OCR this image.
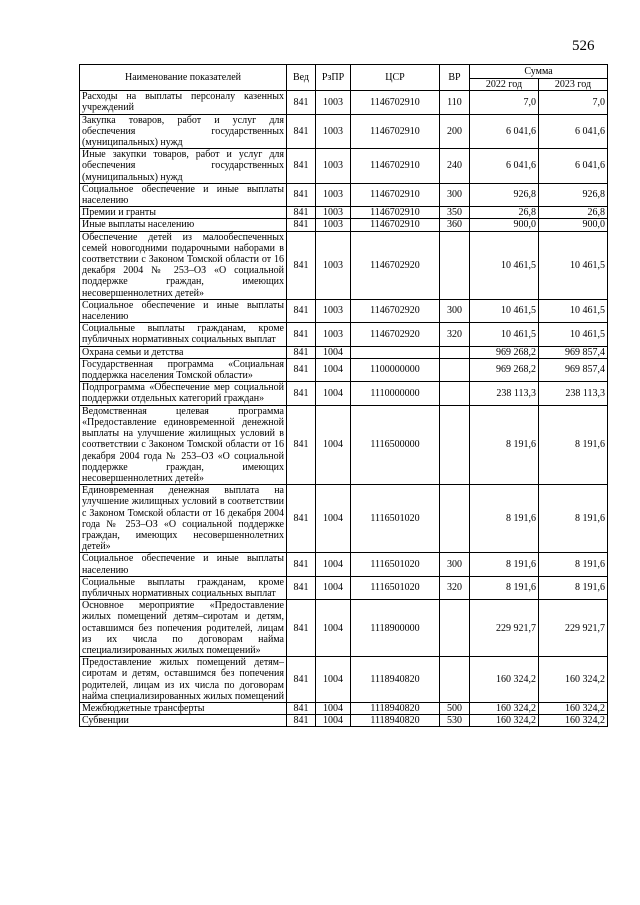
526
Наименование показателей	Вед	РзПР	ЦСР	ВР	Сумма	
					2022 год	2023 год
Расходы на выплаты персоналу казенных учреждений	841	1003	1146702910	110	7,0	7,0
Закупка товаров, работ и услуг для обеспечения государственных (муниципальных) нужд	841	1003	1146702910	200	6 041,6	6 041,6
Иные закупки товаров, работ и услуг для обеспечения государственных (муниципальных) нужд	841	1003	1146702910	240	6 041,6	6 041,6
Социальное обеспечение и иные выплаты населению	841	1003	1146702910	300	926,8	926,8
Премии и гранты	841	1003	1146702910	350	26,8	26,8
Иные выплаты населению	841	1003	1146702910	360	900,0	900,0
Обеспечение детей из малообеспеченных семей новогодними подарочными наборами в соответствии с Законом Томской области от 16 декабря 2004 № 253–ОЗ «О социальной поддержке граждан, имеющих несовершеннолетних детей»	841	1003	1146702920		10 461,5	10 461,5
Социальное обеспечение и иные выплаты населению	841	1003	1146702920	300	10 461,5	10 461,5
Социальные выплаты гражданам, кроме публичных нормативных социальных выплат	841	1003	1146702920	320	10 461,5	10 461,5
Охрана семьи и детства	841	1004			969 268,2	969 857,4
Государственная программа «Социальная поддержка населения Томской области»	841	1004	1100000000		969 268,2	969 857,4
Подпрограмма «Обеспечение мер социальной поддержки отдельных категорий граждан»	841	1004	1110000000		238 113,3	238 113,3
Ведомственная целевая программа «Предоставление единовременной денежной выплаты на улучшение жилищных условий в соответствии с Законом Томской области от 16 декабря 2004 года № 253–ОЗ «О социальной поддержке граждан, имеющих несовершеннолетних детей»	841	1004	1116500000		8 191,6	8 191,6
Единовременная денежная выплата на улучшение жилищных условий в соответствии с Законом Томской области от 16 декабря 2004 года № 253–ОЗ «О социальной поддержке граждан, имеющих несовершеннолетних детей»	841	1004	1116501020		8 191,6	8 191,6
Социальное обеспечение и иные выплаты населению	841	1004	1116501020	300	8 191,6	8 191,6
Социальные выплаты гражданам, кроме публичных нормативных социальных выплат	841	1004	1116501020	320	8 191,6	8 191,6
Основное мероприятие «Предоставление жилых помещений детям–сиротам и детям, оставшимся без попечения родителей, лицам из их числа по договорам найма специализированных жилых помещений»	841	1004	1118900000		229 921,7	229 921,7
Предоставление жилых помещений детям–сиротам и детям, оставшимся без попечения родителей, лицам из их числа по договорам найма специализированных жилых помещений	841	1004	1118940820		160 324,2	160 324,2
Межбюджетные трансферты	841	1004	1118940820	500	160 324,2	160 324,2
Субвенции	841	1004	1118940820	530	160 324,2	160 324,2
